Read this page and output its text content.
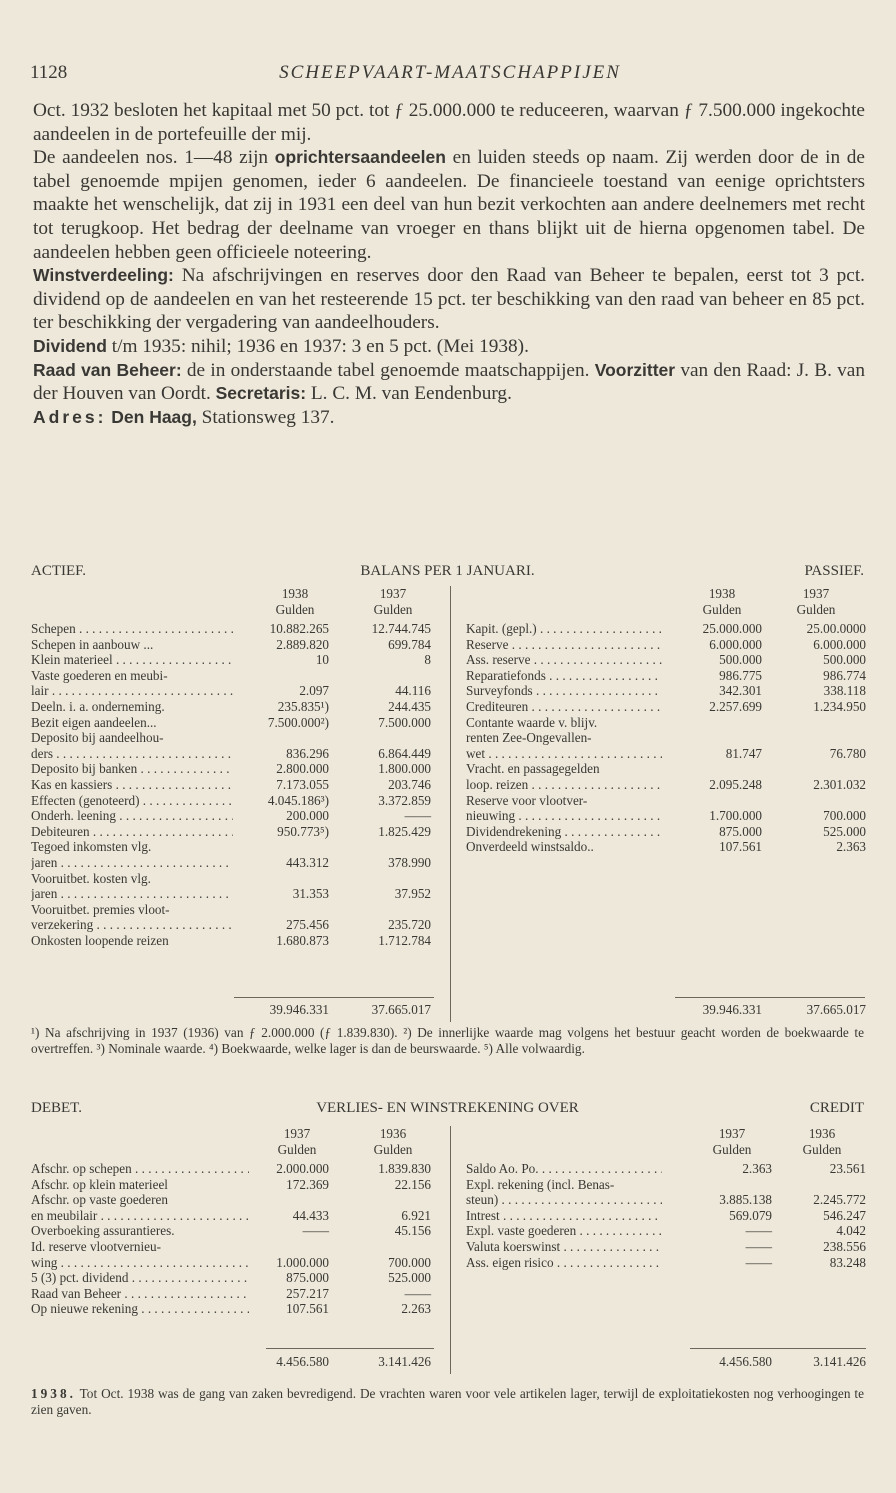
1128	SCHEEPVAART-MAATSCHAPPIJEN

Oct. 1932 besloten het kapitaal met 50 pct. tot ƒ 25.000.000 te reduceeren, waarvan ƒ 7.500.000 ingekochte aandeelen in de portefeuille der mij.

De aandeelen nos. 1—48 zijn oprichtersaandeelen en luiden steeds op naam. Zij werden door de in de tabel genoemde mpijen genomen, ieder 6 aandeelen. De financieele toestand van eenige oprichtsters maakte het wenschelijk, dat zij in 1931 een deel van hun bezit verkochten aan andere deelnemers met recht tot terugkoop. Het bedrag der deelname van vroeger en thans blijkt uit de hierna opgenomen tabel. De aandeelen hebben geen officieele noteering.

Winstverdeeling: Na afschrijvingen en reserves door den Raad van Beheer te bepalen, eerst tot 3 pct. dividend op de aandeelen en van het resteerende 15 pct. ter beschikking van den raad van beheer en 85 pct. ter beschikking der vergadering van aandeelhouders.

Dividend t/m 1935: nihil; 1936 en 1937: 3 en 5 pct. (Mei 1938).

Raad van Beheer: de in onderstaande tabel genoemde maatschappijen. Voorzitter van den Raad: J. B. van der Houven van Oordt. Secretaris: L. C. M. van Eendenburg.

Adres: Den Haag, Stationsweg 137.

ACTIEF.	BALANS PER 1 JANUARI.	PASSIEF.
1938	1937
Gulden	Gulden
1938	1937
Gulden	Gulden
Schepen . . .	10.882.265	12.744.745
Schepen in aanbouw ...	2.889.820	699.784
Klein materieel . . .	10	8
Vaste goederen en meubi-
lair . . .	2.097	44.116
Deeln. i. a. onderneming.	235.835¹)	244.435
Bezit eigen aandeelen...	7.500.000²)	7.500.000
Deposito bij aandeelhou-
ders . . .	836.296	6.864.449
Deposito bij banken . . .	2.800.000	1.800.000
Kas en kassiers . . .	7.173.055	203.746
Effecten (genoteerd) . . .	4.045.186³)	3.372.859
Onderh. leening . . .	200.000	——
Debiteuren . . .	950.773⁵)	1.825.429
Tegoed inkomsten vlg.
jaren . . .	443.312	378.990
Vooruitbet. kosten vlg.
jaren . . .	31.353	37.952
Vooruitbet. premies vloot-
verzekering . . .	275.456	235.720
Onkosten loopende reizen	1.680.873	1.712.784
Kapit. (gepl.) . . .	25.000.000	25.00.0000
Reserve . . .	6.000.000	6.000.000
Ass. reserve . . .	500.000	500.000
Reparatiefonds . . .	986.775	986.774
Surveyfonds . . .	342.301	338.118
Crediteuren . . .	2.257.699	1.234.950
Contante waarde v. blijv.
renten Zee-Ongevallen-
wet . . .	81.747	76.780
Vracht. en passagegelden
loop. reizen . . .	2.095.248	2.301.032
Reserve voor vlootver-
nieuwing . . .	1.700.000	700.000
Dividendrekening . . .	875.000	525.000
Onverdeeld winstsaldo..	107.561	2.363
39.946.331	37.665.017	39.946.331	37.665.017

¹) Na afschrijving in 1937 (1936) van ƒ 2.000.000 (ƒ 1.839.830). ²) De innerlijke waarde mag volgens het bestuur geacht worden de boekwaarde te overtreffen. ³) Nominale waarde. ⁴) Boekwaarde, welke lager is dan de beurswaarde. ⁵) Alle volwaardig.

DEBET.	VERLIES- EN WINSTREKENING OVER	CREDIT
1937	1936
Gulden	Gulden
1937	1936
Gulden	Gulden
Afschr. op schepen . . .	2.000.000	1.839.830
Afschr. op klein materieel	172.369	22.156
Afschr. op vaste goederen
en meubilair . . .	44.433	6.921
Overboeking assurantieres.	——	45.156
Id. reserve vlootvernieu-
wing . . .	1.000.000	700.000
5 (3) pct. dividend . . .	875.000	525.000
Raad van Beheer . . .	257.217	——
Op nieuwe rekening . . .	107.561	2.263
Saldo Ao. Po. . . .	2.363	23.561
Expl. rekening (incl. Benas-
steun) . . .	3.885.138	2.245.772
Intrest . . .	569.079	546.247
Expl. vaste goederen . . .	——	4.042
Valuta koerswinst . . .	——	238.556
Ass. eigen risico . . .	——	83.248
4.456.580	3.141.426	4.456.580	3.141.426

1938. Tot Oct. 1938 was de gang van zaken bevredigend. De vrachten waren voor vele artikelen lager, terwijl de exploitatiekosten nog verhoogingen te zien gaven.
